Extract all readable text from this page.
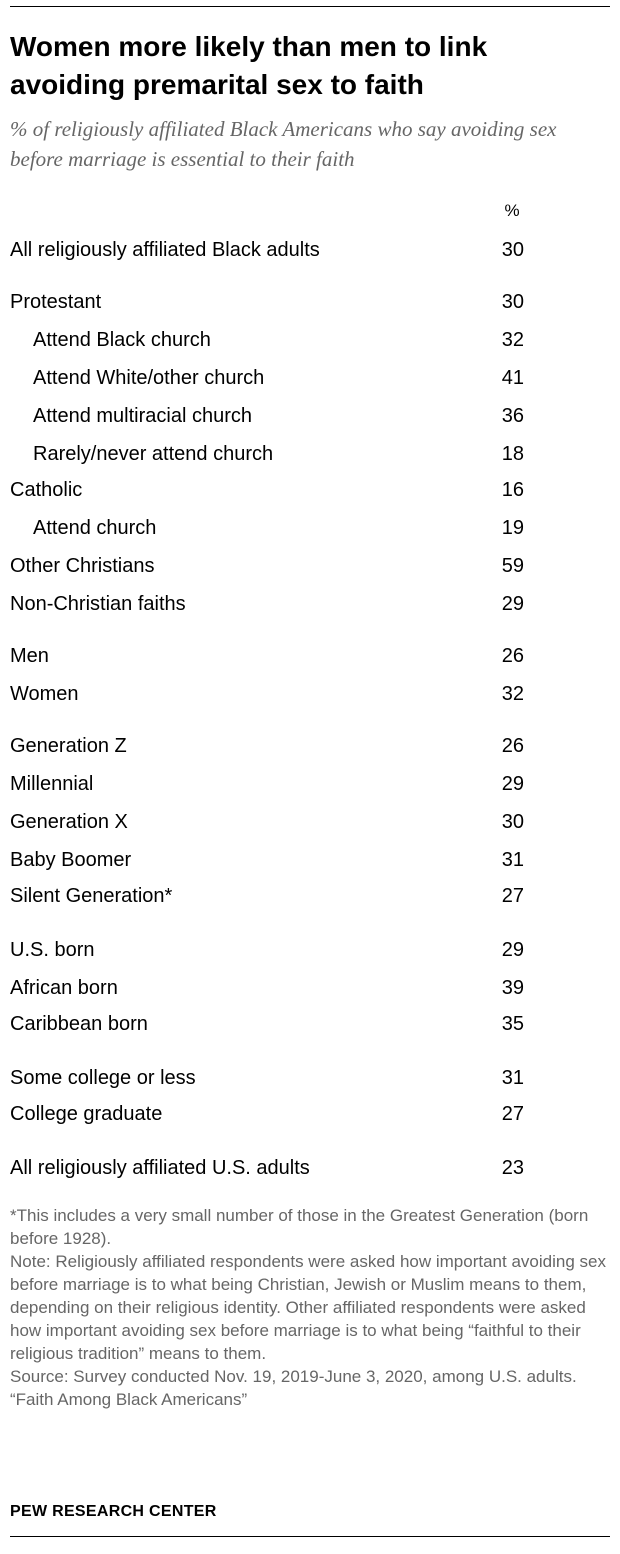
Women more likely than men to link avoiding premarital sex to faith

% of religiously affiliated Black Americans who say avoiding sex before marriage is essential to their faith

%
All religiously affiliated Black adults	30
Protestant	30
Attend Black church	32
Attend White/other church	41
Attend multiracial church	36
Rarely/never attend church	18
Catholic	16
Attend church	19
Other Christians	59
Non-Christian faiths	29
Men	26
Women	32
Generation Z	26
Millennial	29
Generation X	30
Baby Boomer	31
Silent Generation*	27
U.S. born	29
African born	39
Caribbean born	35
Some college or less	31
College graduate	27
All religiously affiliated U.S. adults	23

*This includes a very small number of those in the Greatest Generation (born before 1928).

Note: Religiously affiliated respondents were asked how important avoiding sex before marriage is to what being Christian, Jewish or Muslim means to them, depending on their religious identity. Other affiliated respondents were asked how important avoiding sex before marriage is to what being “faithful to their religious tradition” means to them.

Source: Survey conducted Nov. 19, 2019-June 3, 2020, among U.S. adults.

“Faith Among Black Americans”

PEW RESEARCH CENTER
